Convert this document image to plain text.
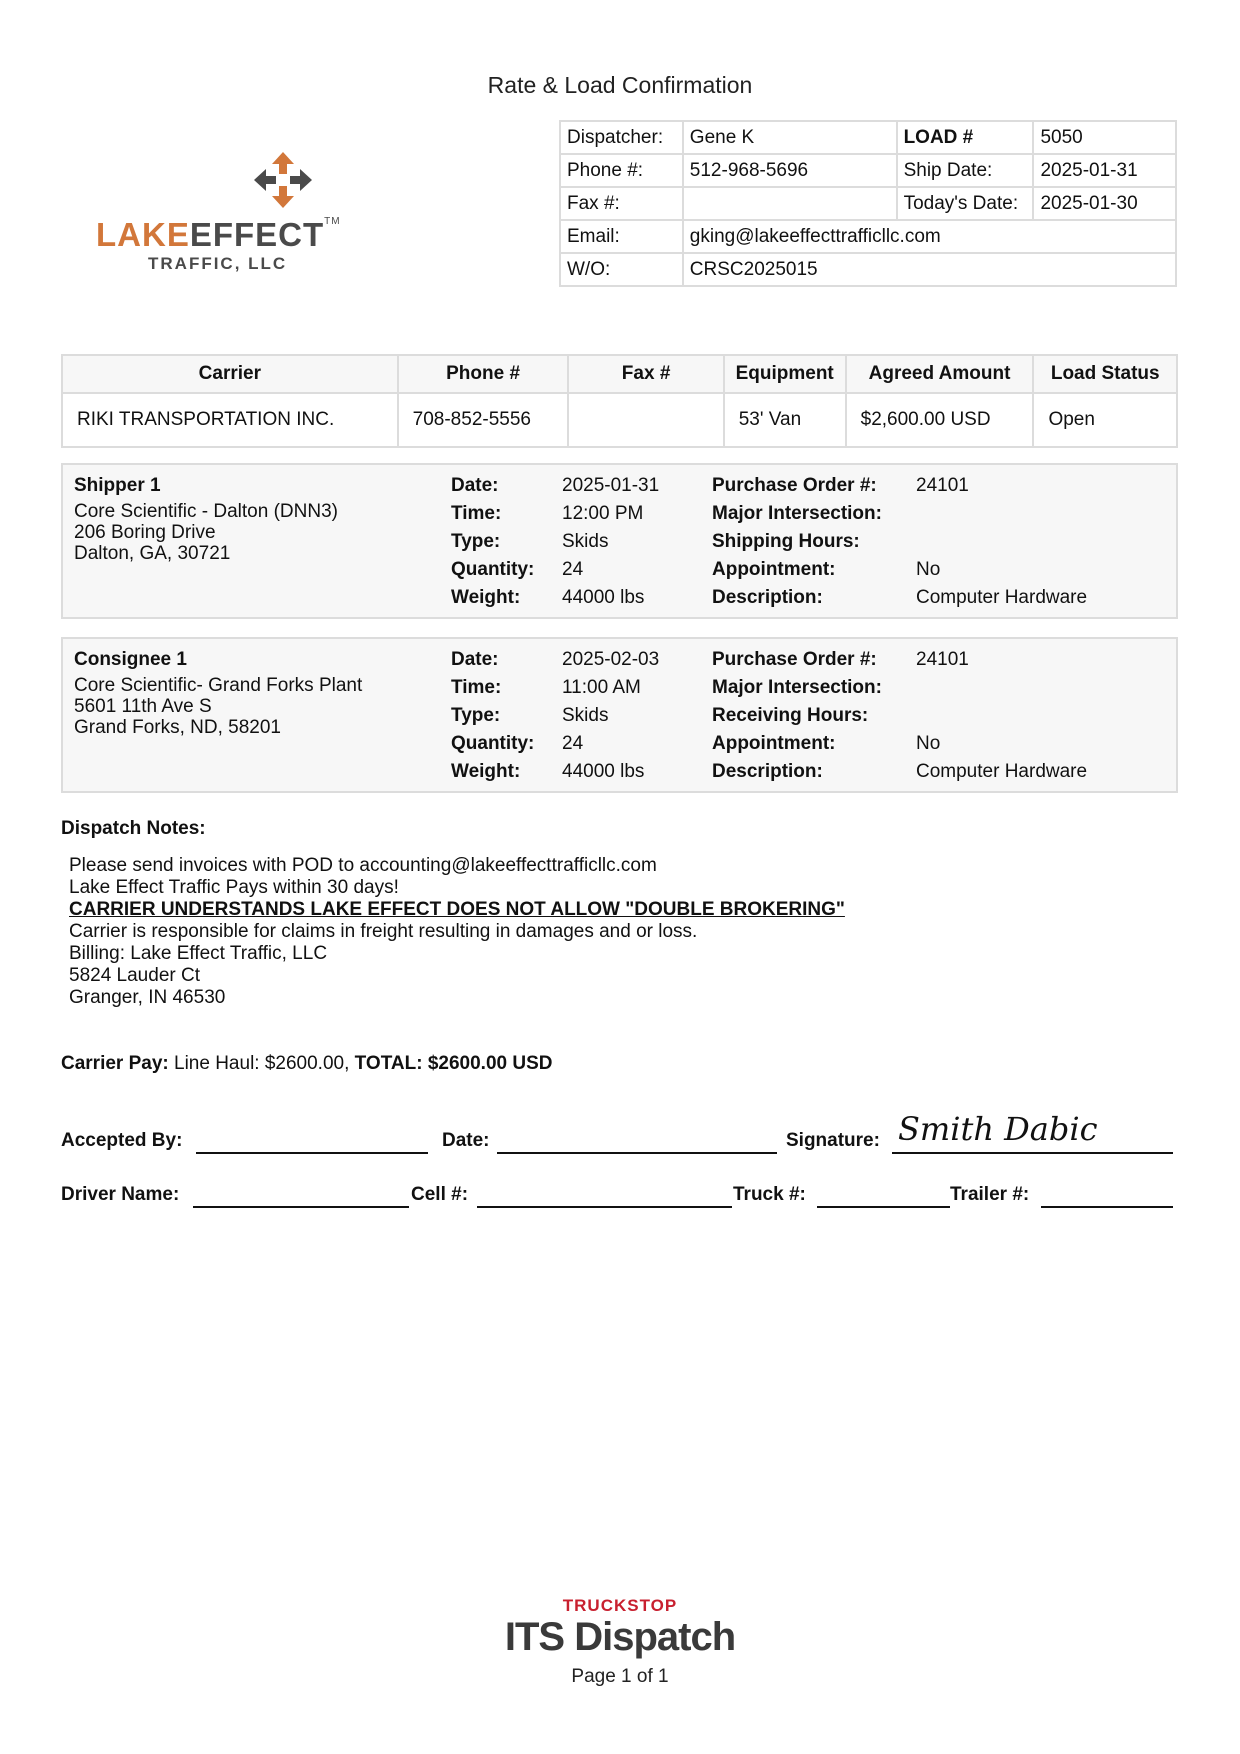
Rate & Load Confirmation
LAKEEFFECT™
TRAFFIC, LLC
Dispatcher:	Gene K	LOAD #	5050
Phone #:	512-968-5696	Ship Date:	2025-01-31
Fax #:		Today's Date:	2025-01-30
Email:	gking@lakeeffecttrafficllc.com		
W/O:	CRSC2025015		
Carrier	Phone #	Fax #	Equipment	Agreed Amount	Load Status
RIKI TRANSPORTATION INC.	708-852-5556		53' Van	$2,600.00 USD	Open
Shipper 1
Core Scientific - Dalton (DNN3)
206 Boring Drive
Dalton, GA, 30721
Date:	2025-01-31
Time:	12:00 PM
Type:	Skids
Quantity: 24
Weight: 44000 lbs
Purchase Order #: 24101
Major Intersection:
Shipping Hours:
Appointment:	No
Description:	Computer Hardware
Consignee 1
Core Scientific- Grand Forks Plant
5601 11th Ave S
Grand Forks, ND, 58201
Date:	2025-02-03
Time:	11:00 AM
Type:	Skids
Quantity: 24
Weight: 44000 lbs
Purchase Order #: 24101
Major Intersection:
Receiving Hours:
Appointment:	No
Description:	Computer Hardware
Dispatch Notes:
Please send invoices with POD to accounting@lakeeffecttrafficllc.com
Lake Effect Traffic Pays within 30 days!
CARRIER UNDERSTANDS LAKE EFFECT DOES NOT ALLOW "DOUBLE BROKERING"
Carrier is responsible for claims in freight resulting in damages and or loss.
Billing: Lake Effect Traffic, LLC
5824 Lauder Ct
Granger, IN 46530
Carrier Pay: Line Haul: $2600.00, TOTAL: $2600.00 USD
Accepted By:	Date:	Signature: Smith Dabic
Driver Name:	Cell #:	Truck #:	Trailer #:
TRUCKSTOP
ITS Dispatch
Page 1 of 1
